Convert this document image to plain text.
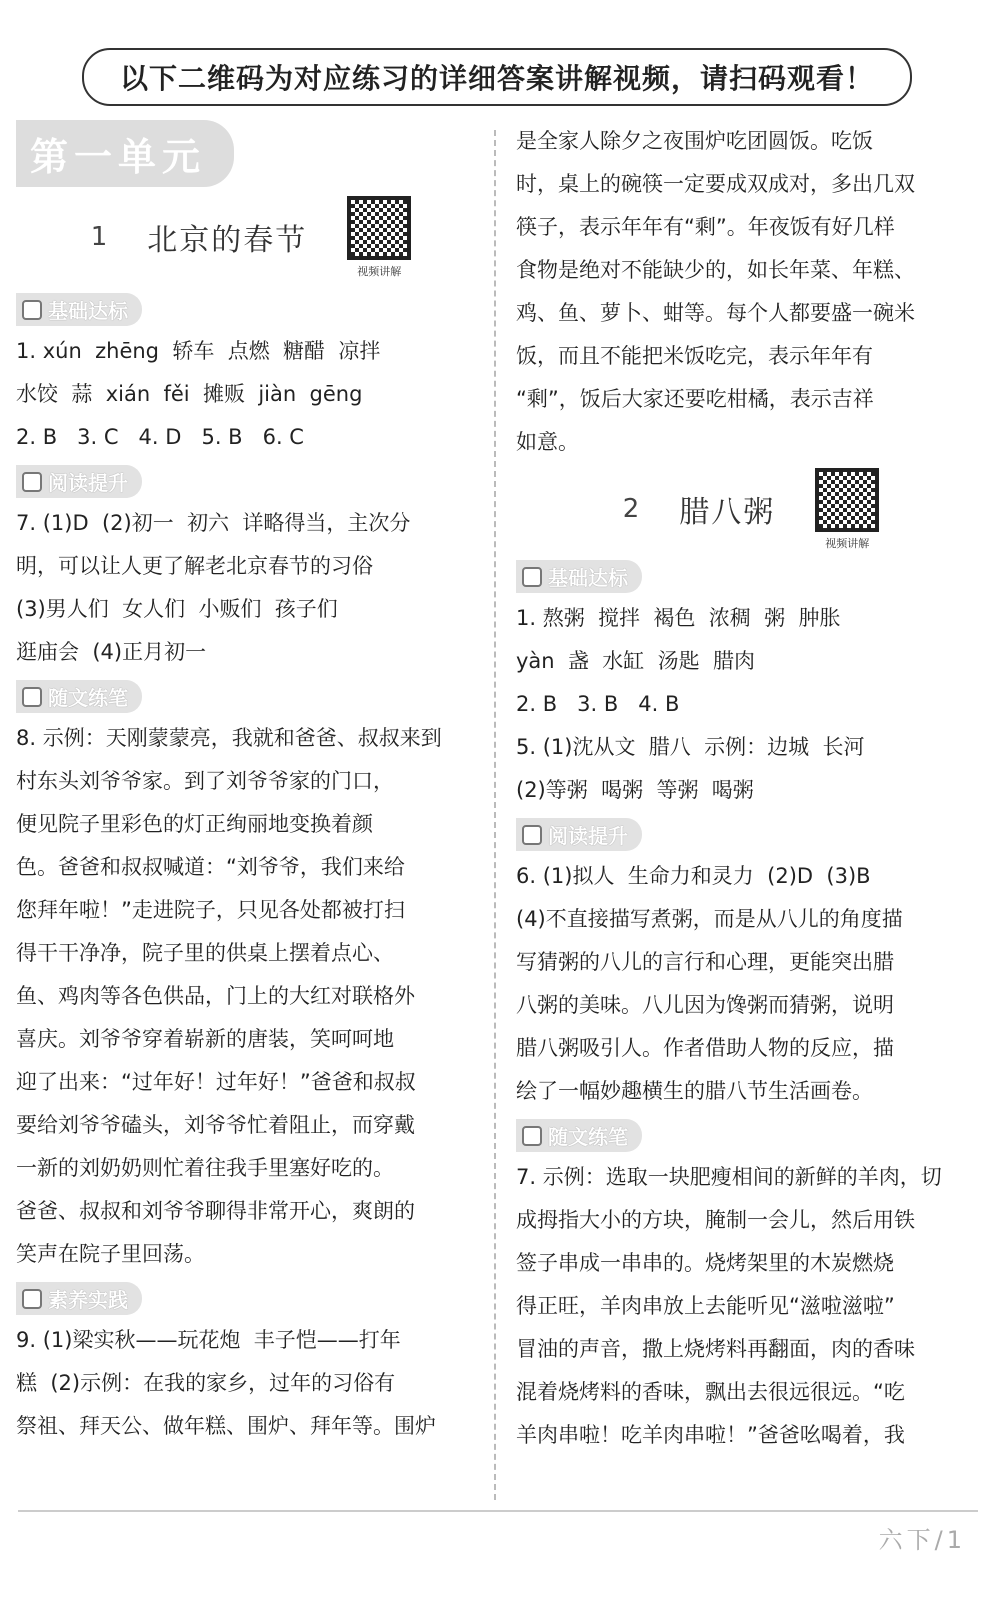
以下二维码为对应练习的详细答案讲解视频，请扫码观看！
第一单元
1 北京的春节
视频讲解
基础达标

1. xún  zhēng  轿车  点燃  糖醋  凉拌

水饺  蒜  xián  fěi  摊贩  jiàn  gēng

2. B   3. C   4. D   5. B   6. C

阅读提升

7. (1)D  (2)初一  初六  详略得当，主次分

明，可以让人更了解老北京春节的习俗

(3)男人们  女人们  小贩们  孩子们

逛庙会  (4)正月初一

随文练笔

8. 示例：天刚蒙蒙亮，我就和爸爸、叔叔来到

村东头刘爷爷家。到了刘爷爷家的门口，

便见院子里彩色的灯正绚丽地变换着颜

色。爸爸和叔叔喊道：“刘爷爷，我们来给

您拜年啦！”走进院子，只见各处都被打扫

得干干净净，院子里的供桌上摆着点心、

鱼、鸡肉等各色供品，门上的大红对联格外

喜庆。刘爷爷穿着崭新的唐装，笑呵呵地

迎了出来：“过年好！过年好！”爸爸和叔叔

要给刘爷爷磕头，刘爷爷忙着阻止，而穿戴

一新的刘奶奶则忙着往我手里塞好吃的。

爸爸、叔叔和刘爷爷聊得非常开心，爽朗的

笑声在院子里回荡。

素养实践

9. (1)梁实秋——玩花炮  丰子恺——打年

糕  (2)示例：在我的家乡，过年的习俗有

祭祖、拜天公、做年糕、围炉、拜年等。围炉

是全家人除夕之夜围炉吃团圆饭。吃饭

时，桌上的碗筷一定要成双成对，多出几双

筷子，表示年年有“剩”。年夜饭有好几样

食物是绝对不能缺少的，如长年菜、年糕、

鸡、鱼、萝卜、蚶等。每个人都要盛一碗米

饭，而且不能把米饭吃完，表示年年有

“剩”，饭后大家还要吃柑橘，表示吉祥

如意。

2 腊八粥
视频讲解
基础达标

1. 熬粥  搅拌  褐色  浓稠  粥  肿胀

yàn  盏  水缸  汤匙  腊肉

2. B   3. B   4. B

5. (1)沈从文  腊八  示例：边城  长河

(2)等粥  喝粥  等粥  喝粥

阅读提升

6. (1)拟人  生命力和灵力  (2)D  (3)B

(4)不直接描写煮粥，而是从八儿的角度描

写猜粥的八儿的言行和心理，更能突出腊

八粥的美味。八儿因为馋粥而猜粥，说明

腊八粥吸引人。作者借助人物的反应，描

绘了一幅妙趣横生的腊八节生活画卷。

随文练笔

7. 示例：选取一块肥瘦相间的新鲜的羊肉，切

成拇指大小的方块，腌制一会儿，然后用铁

签子串成一串串的。烧烤架里的木炭燃烧

得正旺，羊肉串放上去能听见“滋啦滋啦”

冒油的声音，撒上烧烤料再翻面，肉的香味

混着烧烤料的香味，飘出去很远很远。“吃

羊肉串啦！吃羊肉串啦！”爸爸吆喝着，我

六下/1
